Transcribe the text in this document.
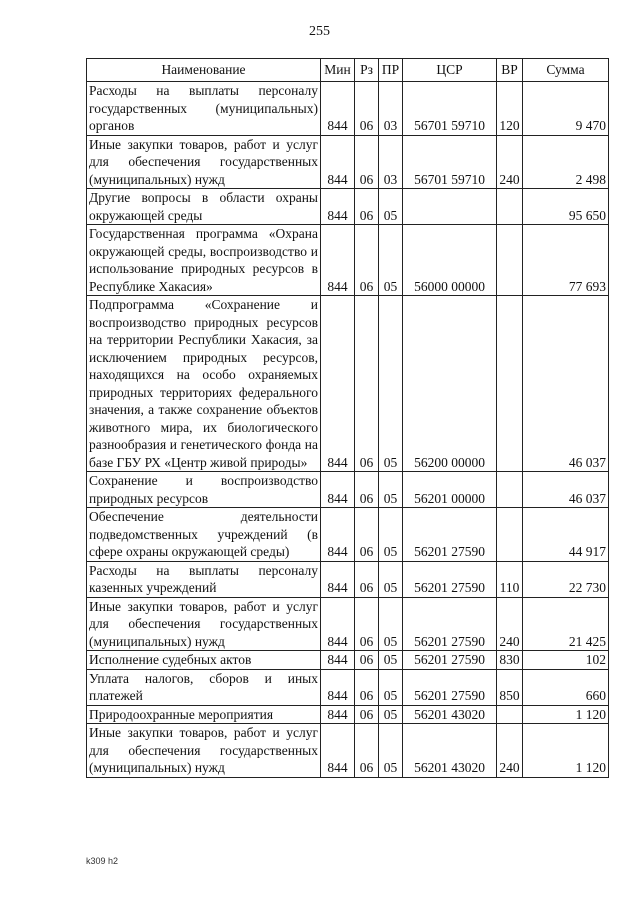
255
Наименование	Мин	Рз	ПР	ЦСР	ВР	Сумма
Расходы на выплаты персоналу государственных (муниципальных) органов	844	06	03	56701 59710	120	9 470
Иные закупки товаров, работ и услуг для обеспечения государственных (муниципальных) нужд	844	06	03	56701 59710	240	2 498
Другие вопросы в области охраны окружающей среды	844	06	05			95 650
Государственная программа «Охрана окружающей среды, воспроизводство и использование природных ресурсов в Республике Хакасия»	844	06	05	56000 00000		77 693
Подпрограмма «Сохранение и воспроизводство природных ресурсов на территории Республики Хакасия, за исключением природных ресурсов, находящихся на особо охраняемых природных территориях федерального значения, а также сохранение объектов животного мира, их биологического разнообразия и генетического фонда на базе ГБУ РХ «Центр живой природы»	844	06	05	56200 00000		46 037
Сохранение и воспроизводство природных ресурсов	844	06	05	56201 00000		46 037
Обеспечение деятельности подведомственных учреждений (в сфере охраны окружающей среды)	844	06	05	56201 27590		44 917
Расходы на выплаты персоналу казенных учреждений	844	06	05	56201 27590	110	22 730
Иные закупки товаров, работ и услуг для обеспечения государственных (муниципальных) нужд	844	06	05	56201 27590	240	21 425
Исполнение судебных актов	844	06	05	56201 27590	830	102
Уплата налогов, сборов и иных платежей	844	06	05	56201 27590	850	660
Природоохранные мероприятия	844	06	05	56201 43020		1 120
Иные закупки товаров, работ и услуг для обеспечения государственных (муниципальных) нужд	844	06	05	56201 43020	240	1 120
k309 h2
